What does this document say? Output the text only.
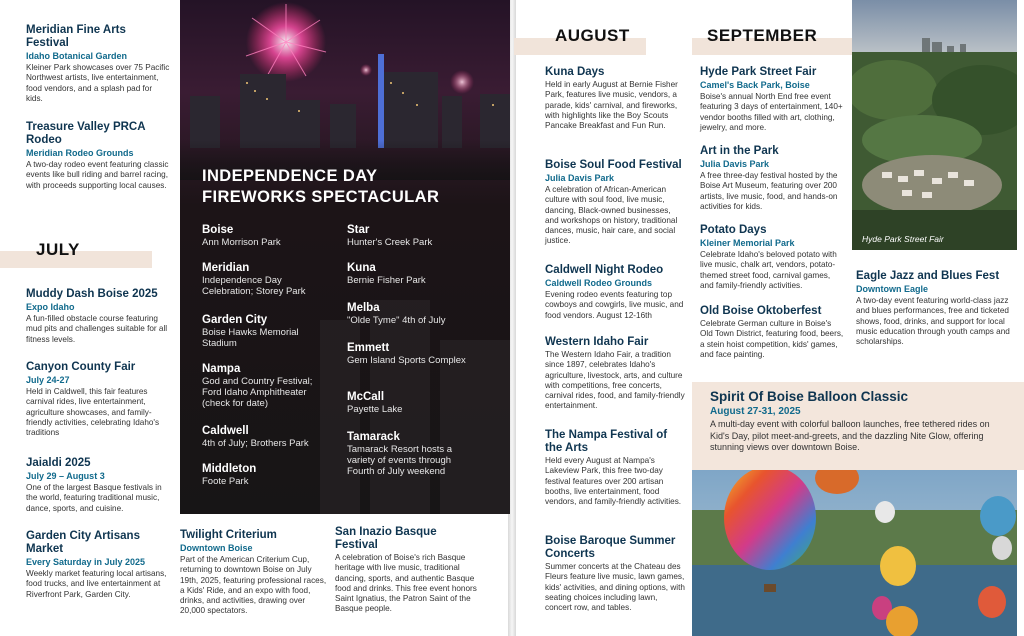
Meridian Fine Arts Festival
Idaho Botanical Garden
Kleiner Park showcases over 75 Pacific Northwest artists, live entertainment, food vendors, and a splash pad for kids.
Treasure Valley PRCA Rodeo
Meridian Rodeo Grounds
A two-day rodeo event featuring classic events like bull riding and barrel racing, with proceeds supporting local causes.
JULY
Muddy Dash Boise 2025
Expo Idaho
A fun-filled obstacle course featuring mud pits and challenges suitable for all fitness levels.
Canyon County Fair
July 24-27
Held in Caldwell, this fair features carnival rides, live entertainment, agriculture showcases, and family-friendly activities, celebrating Idaho's traditions
Jaialdi 2025
July 29 – August 3
One of the largest Basque festivals in the world, featuring traditional music, dance, sports, and cuisine.
Garden City Artisans Market
Every Saturday in July 2025
Weekly market featuring local artisans, food trucks, and live entertainment at Riverfront Park, Garden City.
INDEPENDENCE DAY
FIREWORKS SPECTACULAR
Boise
Ann Morrison Park
Meridian
Independence Day Celebration; Storey Park
Garden City
Boise Hawks Memorial Stadium
Nampa
God and Country Festival; Ford Idaho Amphitheater (check for date)
Caldwell
4th of July; Brothers Park
Middleton
Foote Park
Star
Hunter's Creek Park
Kuna
Bernie Fisher Park
Melba
"Olde Tyme" 4th of July
Emmett
Gem Island Sports Complex
McCall
Payette Lake
Tamarack
Tamarack Resort hosts a variety of events through Fourth of July weekend
Twilight Criterium
Downtown Boise
Part of the American Criterium Cup, returning to downtown Boise on July 19th, 2025, featuring professional races, a Kids' Ride, and an expo with food, drinks, and activities, drawing over 20,000 spectators.
San Inazio Basque Festival
A celebration of Boise's rich Basque heritage with live music, traditional dancing, sports, and authentic Basque food and drinks. This free event honors Saint Ignatius, the Patron Saint of the Basque people.
AUGUST
Kuna Days
Held in early August at Bernie Fisher Park, features live music, vendors, a parade, kids' carnival, and fireworks, with highlights like the Boy Scouts Pancake Breakfast and Fun Run.
Boise Soul Food Festival
Julia Davis Park
A celebration of African-American culture with soul food, live music, dancing, Black-owned businesses, and workshops on history, traditional dances, music, hair care, and social justice.
Caldwell Night Rodeo
Caldwell Rodeo Grounds
Evening rodeo events featuring top cowboys and cowgirls, live music, and food vendors. August 12-16th
Western Idaho Fair
The Western Idaho Fair, a tradition since 1897, celebrates Idaho's agriculture, livestock, arts, and culture with competitions, free concerts, carnival rides, food, and family-friendly entertainment.
The Nampa Festival of the Arts
Held every August at Nampa's Lakeview Park, this free two-day festival features over 200 artisan booths, live entertainment, food vendors, and family-friendly activities.
Boise Baroque Summer Concerts
Summer concerts at the Chateau des Fleurs feature live music, lawn games, kids' activities, and dining options, with seating choices including lawn, concert row, and tables.
SEPTEMBER
Hyde Park Street Fair
Camel's Back Park, Boise
Boise's annual North End free event featuring 3 days of entertainment, 140+ vendor booths filled with art, clothing, jewelry, and more.
Art in the Park
Julia Davis Park
A free three-day festival hosted by the Boise Art Museum, featuring over 200 artists, live music, food, and hands-on activities for kids.
Potato Days
Kleiner Memorial Park
Celebrate Idaho's beloved potato with live music, chalk art, vendors, potato-themed street food, carnival games, and family-friendly activities.
Old Boise Oktoberfest
Celebrate German culture in Boise's Old Town District, featuring food, beers, a stein hoist competition, kids' games, and face painting.
Hyde Park Street Fair
Eagle Jazz and Blues Fest
Downtown Eagle
A two-day event featuring world-class jazz and blues performances, free and ticketed shows, food, drinks, and support for local music education through youth camps and scholarships.
Spirit Of Boise Balloon Classic
August 27-31, 2025
A multi-day event with colorful balloon launches, free tethered rides on Kid's Day, pilot meet-and-greets, and the dazzling Nite Glow, offering stunning views over downtown Boise.
